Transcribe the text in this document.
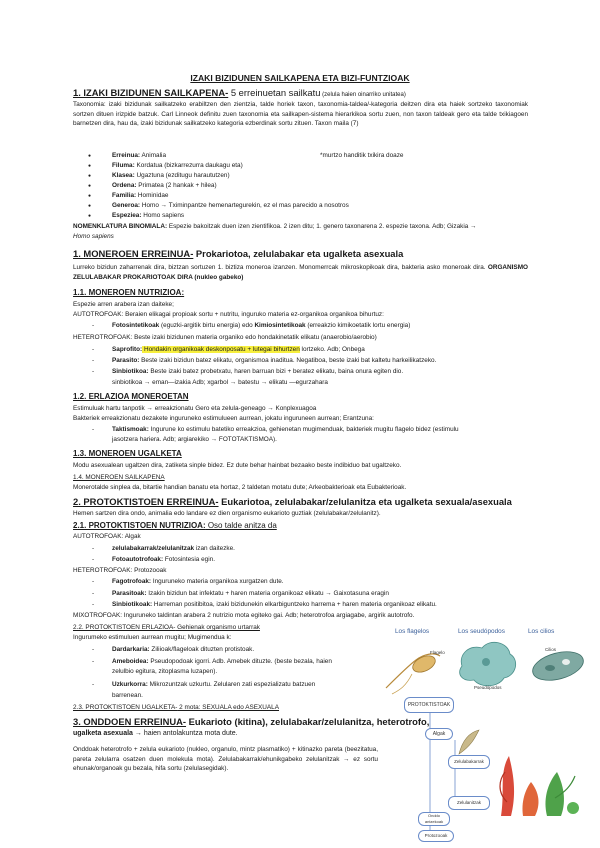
IZAKI BIZIDUNEN SAILKAPENA ETA BIZI-FUNTZIOAK
1. IZAKI BIZIDUNEN SAILKAPENA- 5 erreinuetan sailkatu (zelula haien oinarriko unitatea)
Taxonomia: izaki bizidunak sailkatzeko erabiltzen den zientzia, talde horiek taxon, taxonomia-taldea/-kategoria deitzen dira eta haiek sortzeko taxonomiak sortzen dituen irizpide batzuk. Carl Linneok definitu zuen taxonomia eta sailkapen-sistema hierarkikoa sortu zuen, non taxon taldeak gero eta talde txikiagoen barnetzen dira, hau da, izaki bizidunak sailkatzeko kategoria ezberdinak sortu zituen. Taxon maila (7)
Erreinua: Animalia	*murtzo handitik txikira doaze
Filuma: Kordatua (bizkarrezurra daukagu eta)
Klasea: Ugaztuna (ezditugu haraututzen)
Ordena: Primatea (2 hankak + hilea)
Familia: Hominidae
Generoa: Homo → Tximinpantze hemenartegurekin, ez el mas parecido a nosotros
Espeziea: Homo sapiens
NOMENKLATURA BINOMIALA: Espezie bakoitzak duen izen zientifikoa. 2 izen ditu; 1. genero taxonarena 2. espezie taxona. Adb; Gizakia →
Homo sapiens
1. MONEROEN ERREINUA- Prokariotoa, zelulabakar eta ugalketa asexuala
Lurreko bizidun zaharrenak dira, biztzan sortuzen 1. biztiza moneroa izanzen. Monomerrcak mikroskopikoak dira, bakteria asko moneroak dira. ORGANISMO ZELULABAKAR PROKARIOTOAK DIRA (nukleo gabeko)
1.1. MONEROEN NUTRIZIOA:
Espezie arren arabera izan daiteke;
AUTOTROFOAK: Beraien elikagai propioak sortu + nutritu, inguruko materia ez-organikoa organikoa bihurtuz:
-	Fotosintetikoak (eguzki-argitik birtu energia) edo Kimiosintetikoak (erreakzio kimikoetatik lortu energia)
HETEROTROFOAK: Beste izaki bizidunen materia organiko edo hondakinetatik elikatu (anaerobio/aerobio)
-	Saprofito: Hondakin organikoak deskonposatu + lutegai bihurtzen lortzeko. Adb; Onbega
-	Parasito: Beste izaki bizidun batez elikatu, organismoa inaditua. Negatiboa, beste izaki bat kaltetu harkeilikatzeko.
-	Sinbiotikoa: Beste izaki batez probetxatu, haren barruan bizi + beratez elikatu, baina onura egiten dio.
sinbiotikoa → eman—izakia Adb; xgarbol → batestu → elikatu —egurzahara
1.2. ERLAZIOA MONEROETAN
Estimuluak hartu tanpotik → erreakzionatu Gero eta zelula-geneago → Konplexuagoa
Bakteriek erreakzionatu dezakete inguruneko estimulueen aurrean, jokatu inguruneen aurrean; Erantzuna:
-	Taktismoak: Ingurune ko estimulu batetiko erreakzioa, gehienetan mugimenduak, bakteriek mugitu flagelo bidez (estimulu
jasotzera hariera. Adb; argiarekiko → FOTOTAKTISMOA).
1.3. MONEROEN UGALKETA
Modu asexualean ugaltzen dira, zatiketa sinple bidez. Ez dute behar hainbat bezaako beste indibiduo bat ugaltzeko.
1.4. MONEROEN SAILKAPENA
Monerotalde sinplea da, bitartie handian banatu eta hortaz, 2 taldetan motatu dute; Arkeobakterioak eta Eubakterioak.
2. PROTOKTISTOEN ERREINUA- Eukariotoa, zelulabakar/zelulanitza eta ugalketa sexuala/asexuala
Hemen sartzen dira ondo, animalia edo landare ez dien organismo eukarioto guztiak (zelulabakar/zelulanitz).
2.1. PROTOKTISTOEN NUTRIZIOA: Oso talde anitza da
AUTOTROFOAK: Algak
-	zelulabakarrak/zelulanitzak izan daitezke.
-	Fotoautotrofoak: Fotosintesia egin.
HETEROTROFOAK: Protozooak
-	Fagotrofoak: Inguruneko materia organikoa xurgatzen dute.
-	Parasitoak: Izakin bizidun bat infektatu + haren materia organikoaz elikatu → Gaixotasuna eragin
-	Sinbiotikoak: Harreman positibitoa, izaki bizidunekin elkarbiguntzeko harrema + haren materia organikoaz elikatu.
MIXOTROFOAK: Inguruneko taldintan arabera 2 nutrizio mota egiteko gai. Adb; heterotrofoa argiagabe, argirik autotrofo.
2.2. PROTOKTISTOEN ERLAZIOA- Gehienak organismo urtarrak
Ingurumeko estimuluen aurrean mugitu; Mugimendua k:
-	Dardarkaria: Ziliioak/flageloak dituzten protistoak.
-	Ameboidea: Pseudopodoak igorri. Adb. Amebek dituzte. (beste bezala, haien
zelulbio egitura, zitoplasma luzapen).
-	Uzkurkorra: Mikrozuntzak uzkurtu. Zelularen zati espezializatu batzuen
barrenean.
2.3. PROTOKTISTOEN UGALKETA- 2 mota: SEXUALA edo ASEXUALA
3. ONDDOEN ERREINUA- Eukarioto (kitina), zelulabakar/zelulanitza, heterotrofo,
ugalketa asexuala → haien antolakuntza mota dute.
Onddoak heterotrofo + zelula eukarioto (nukleo, organulo, mintz plasmatiko) + kitinazko pareta (beezitatua, pareta zelularra osatzen duen molekula mota). Zelulabakarrak/ehunikgabeko zelulanitzak → ez sortu ehunak/organoak gu bezala, hifa sortu (zelulasegidak).
Los flagelos	Los seudópodos	Los cilios
Flagelo
Pseudópodos
Cilios
PROTOKTISTOAK
Algak
Zelulabakarrak
Zelulanitzak
Onddo antzekoak
Protozooak
